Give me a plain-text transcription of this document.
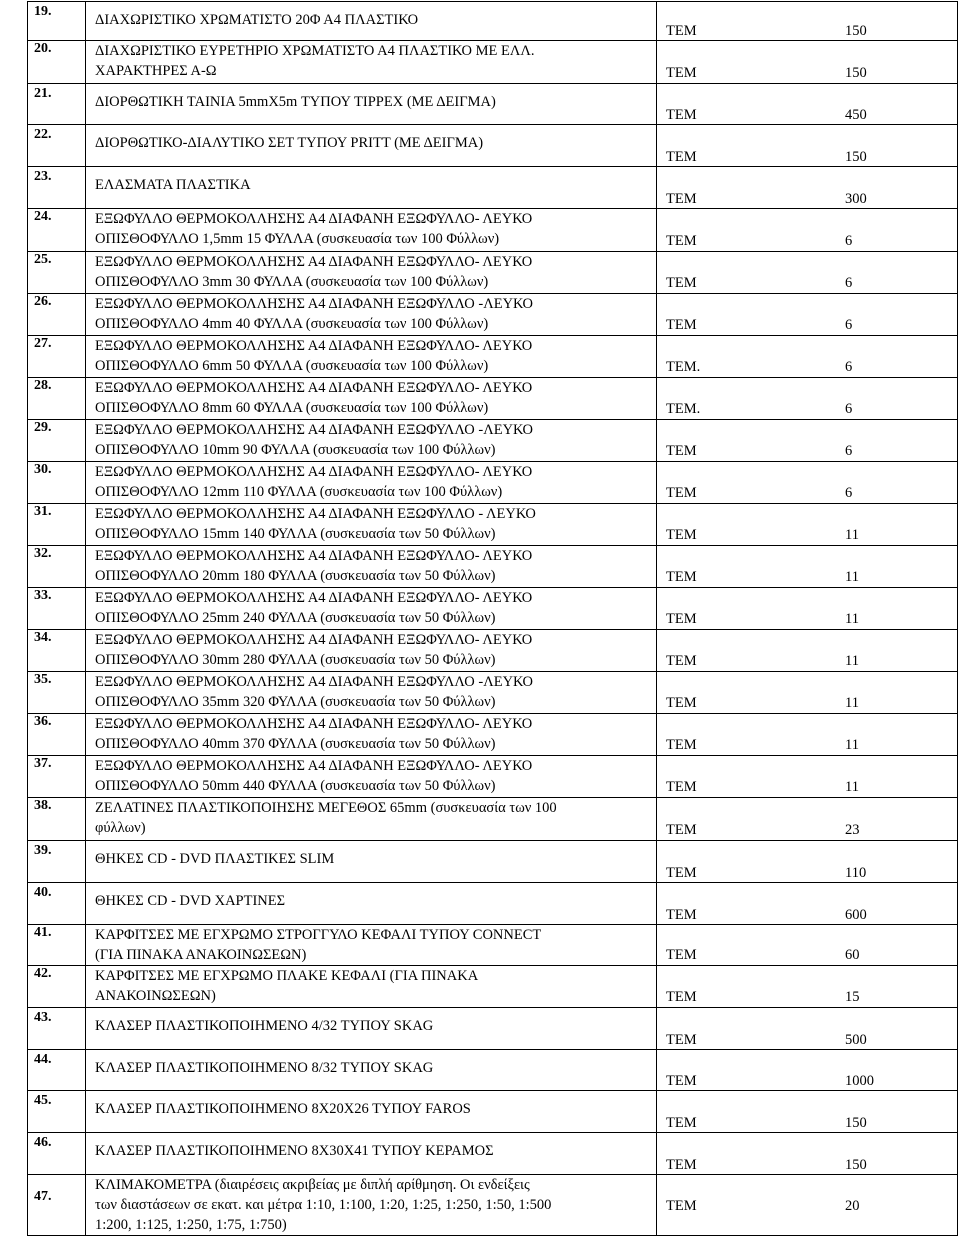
19.	ΔΙΑΧΩΡΙΣΤΙΚΟ ΧΡΩΜΑΤΙΣΤΟ 20Φ Α4 ΠΛΑΣΤΙΚΟ	ΤΕΜ 150

20.	ΔΙΑΧΩΡΙΣΤΙΚΟ ΕΥΡΕΤΗΡΙΟ ΧΡΩΜΑΤΙΣΤΟ Α4 ΠΛΑΣΤΙΚΟ ΜΕ ΕΛΛ.
ΧΑΡΑΚΤΗΡΕΣ Α-Ω	ΤΕΜ 150

21.	ΔΙΟΡΘΩΤΙΚΗ ΤΑΙΝΙΑ 5mmX5m ΤΥΠΟΥ TIPPEX (ΜΕ ΔΕΙΓΜΑ)	ΤΕΜ 450

22.	ΔΙΟΡΘΩΤΙΚΟ-ΔΙΑΛΥΤΙΚΟ ΣΕΤ ΤΥΠΟΥ PRITT (ΜΕ ΔΕΙΓΜΑ)	ΤΕΜ 150

23.	ΕΛΑΣΜΑΤΑ ΠΛΑΣΤΙΚΑ	ΤΕΜ 300

24.	ΕΞΩΦΥΛΛΟ ΘΕΡΜΟΚΟΛΛΗΣΗΣ Α4 ΔΙΑΦΑΝΗ ΕΞΩΦΥΛΛΟ- ΛΕΥΚΟ
ΟΠΙΣΘΟΦΥΛΛΟ 1,5mm 15 ΦΥΛΛΑ (συσκευασία των 100 Φύλλων)	ΤΕΜ 6

25.	ΕΞΩΦΥΛΛΟ ΘΕΡΜΟΚΟΛΛΗΣΗΣ Α4 ΔΙΑΦΑΝΗ ΕΞΩΦΥΛΛΟ- ΛΕΥΚΟ
ΟΠΙΣΘΟΦΥΛΛΟ 3mm 30 ΦΥΛΛΑ (συσκευασία των 100 Φύλλων)	ΤΕΜ 6

26.	ΕΞΩΦΥΛΛΟ ΘΕΡΜΟΚΟΛΛΗΣΗΣ Α4 ΔΙΑΦΑΝΗ ΕΞΩΦΥΛΛΟ -ΛΕΥΚΟ
ΟΠΙΣΘΟΦΥΛΛΟ 4mm 40 ΦΥΛΛΑ (συσκευασία των 100 Φύλλων)	ΤΕΜ 6

27.	ΕΞΩΦΥΛΛΟ ΘΕΡΜΟΚΟΛΛΗΣΗΣ Α4 ΔΙΑΦΑΝΗ ΕΞΩΦΥΛΛΟ- ΛΕΥΚΟ
ΟΠΙΣΘΟΦΥΛΛΟ 6mm 50 ΦΥΛΛΑ (συσκευασία των 100 Φύλλων)	ΤΕΜ. 6

28.	ΕΞΩΦΥΛΛΟ ΘΕΡΜΟΚΟΛΛΗΣΗΣ Α4 ΔΙΑΦΑΝΗ ΕΞΩΦΥΛΛΟ- ΛΕΥΚΟ
ΟΠΙΣΘΟΦΥΛΛΟ 8mm 60 ΦΥΛΛΑ (συσκευασία των 100 Φύλλων)	ΤΕΜ. 6

29.	ΕΞΩΦΥΛΛΟ ΘΕΡΜΟΚΟΛΛΗΣΗΣ Α4 ΔΙΑΦΑΝΗ ΕΞΩΦΥΛΛΟ -ΛΕΥΚΟ
ΟΠΙΣΘΟΦΥΛΛΟ 10mm 90 ΦΥΛΛΑ (συσκευασία των 100 Φύλλων)	ΤΕΜ 6

30.	ΕΞΩΦΥΛΛΟ ΘΕΡΜΟΚΟΛΛΗΣΗΣ Α4 ΔΙΑΦΑΝΗ ΕΞΩΦΥΛΛΟ- ΛΕΥΚΟ
ΟΠΙΣΘΟΦΥΛΛΟ 12mm 110 ΦΥΛΛΑ (συσκευασία των 100 Φύλλων)	ΤΕΜ 6

31.	ΕΞΩΦΥΛΛΟ ΘΕΡΜΟΚΟΛΛΗΣΗΣ Α4 ΔΙΑΦΑΝΗ ΕΞΩΦΥΛΛΟ - ΛΕΥΚΟ
ΟΠΙΣΘΟΦΥΛΛΟ 15mm 140 ΦΥΛΛΑ (συσκευασία των 50 Φύλλων)	ΤΕΜ 11

32.	ΕΞΩΦΥΛΛΟ ΘΕΡΜΟΚΟΛΛΗΣΗΣ Α4 ΔΙΑΦΑΝΗ ΕΞΩΦΥΛΛΟ- ΛΕΥΚΟ
ΟΠΙΣΘΟΦΥΛΛΟ 20mm 180 ΦΥΛΛΑ (συσκευασία των 50 Φύλλων)	ΤΕΜ 11

33.	ΕΞΩΦΥΛΛΟ ΘΕΡΜΟΚΟΛΛΗΣΗΣ Α4 ΔΙΑΦΑΝΗ ΕΞΩΦΥΛΛΟ- ΛΕΥΚΟ
ΟΠΙΣΘΟΦΥΛΛΟ 25mm 240 ΦΥΛΛΑ (συσκευασία των 50 Φύλλων)	ΤΕΜ 11

34.	ΕΞΩΦΥΛΛΟ ΘΕΡΜΟΚΟΛΛΗΣΗΣ Α4 ΔΙΑΦΑΝΗ ΕΞΩΦΥΛΛΟ- ΛΕΥΚΟ
ΟΠΙΣΘΟΦΥΛΛΟ 30mm 280 ΦΥΛΛΑ (συσκευασία των 50 Φύλλων)	ΤΕΜ 11

35.	ΕΞΩΦΥΛΛΟ ΘΕΡΜΟΚΟΛΛΗΣΗΣ Α4 ΔΙΑΦΑΝΗ ΕΞΩΦΥΛΛΟ -ΛΕΥΚΟ
ΟΠΙΣΘΟΦΥΛΛΟ 35mm 320 ΦΥΛΛΑ (συσκευασία των 50 Φύλλων)	ΤΕΜ 11

36.	ΕΞΩΦΥΛΛΟ ΘΕΡΜΟΚΟΛΛΗΣΗΣ Α4 ΔΙΑΦΑΝΗ ΕΞΩΦΥΛΛΟ- ΛΕΥΚΟ
ΟΠΙΣΘΟΦΥΛΛΟ 40mm 370 ΦΥΛΛΑ (συσκευασία των 50 Φύλλων)	ΤΕΜ 11

37.	ΕΞΩΦΥΛΛΟ ΘΕΡΜΟΚΟΛΛΗΣΗΣ Α4 ΔΙΑΦΑΝΗ ΕΞΩΦΥΛΛΟ- ΛΕΥΚΟ
ΟΠΙΣΘΟΦΥΛΛΟ 50mm 440 ΦΥΛΛΑ (συσκευασία των 50 Φύλλων)	ΤΕΜ 11

38.	ΖΕΛΑΤΙΝΕΣ ΠΛΑΣΤΙΚΟΠΟΙΗΣΗΣ ΜΕΓΕΘΟΣ 65mm (συσκευασία των 100
φύλλων)	ΤΕΜ 23

39.	ΘΗΚΕΣ CD - DVD ΠΛΑΣΤΙΚΕΣ SLIM	ΤΕΜ 110

40.	ΘΗΚΕΣ CD - DVD ΧΑΡΤΙΝΕΣ	ΤΕΜ 600

41.	ΚΑΡΦΙΤΣΕΣ ΜΕ ΕΓΧΡΩΜΟ ΣΤΡΟΓΓΥΛΟ ΚΕΦΑΛΙ ΤΥΠΟΥ CONNECT
(ΓΙΑ ΠΙΝΑΚΑ ΑΝΑΚΟΙΝΩΣΕΩΝ)	ΤΕΜ 60

42.	ΚΑΡΦΙΤΣΕΣ ΜΕ ΕΓΧΡΩΜΟ ΠΛΑΚΕ ΚΕΦΑΛΙ (ΓΙΑ ΠΙΝΑΚΑ
ΑΝΑΚΟΙΝΩΣΕΩΝ)	ΤΕΜ 15

43.	ΚΛΑΣΕΡ ΠΛΑΣΤΙΚΟΠΟΙΗΜΕΝΟ 4/32 ΤΥΠΟΥ SKAG	ΤΕΜ 500

44.	ΚΛΑΣΕΡ ΠΛΑΣΤΙΚΟΠΟΙΗΜΕΝΟ 8/32 ΤΥΠΟΥ SKAG	ΤΕΜ 1000

45.	ΚΛΑΣΕΡ ΠΛΑΣΤΙΚΟΠΟΙΗΜΕΝΟ 8Χ20Χ26 ΤΥΠΟΥ FAROS	ΤΕΜ 150

46.	ΚΛΑΣΕΡ ΠΛΑΣΤΙΚΟΠΟΙΗΜΕΝΟ 8Χ30Χ41 ΤΥΠΟΥ ΚΕΡΑΜΟΣ	ΤΕΜ 150

47.	ΚΛΙΜΑΚΟΜΕΤΡΑ (διαιρέσεις ακριβείας με διπλή αρίθμηση. Οι ενδείξεις
των διαστάσεων σε εκατ. και μέτρα 1:10, 1:100, 1:20, 1:25, 1:250, 1:50, 1:500
1:200, 1:125, 1:250, 1:75, 1:750)	ΤΕΜ 20
